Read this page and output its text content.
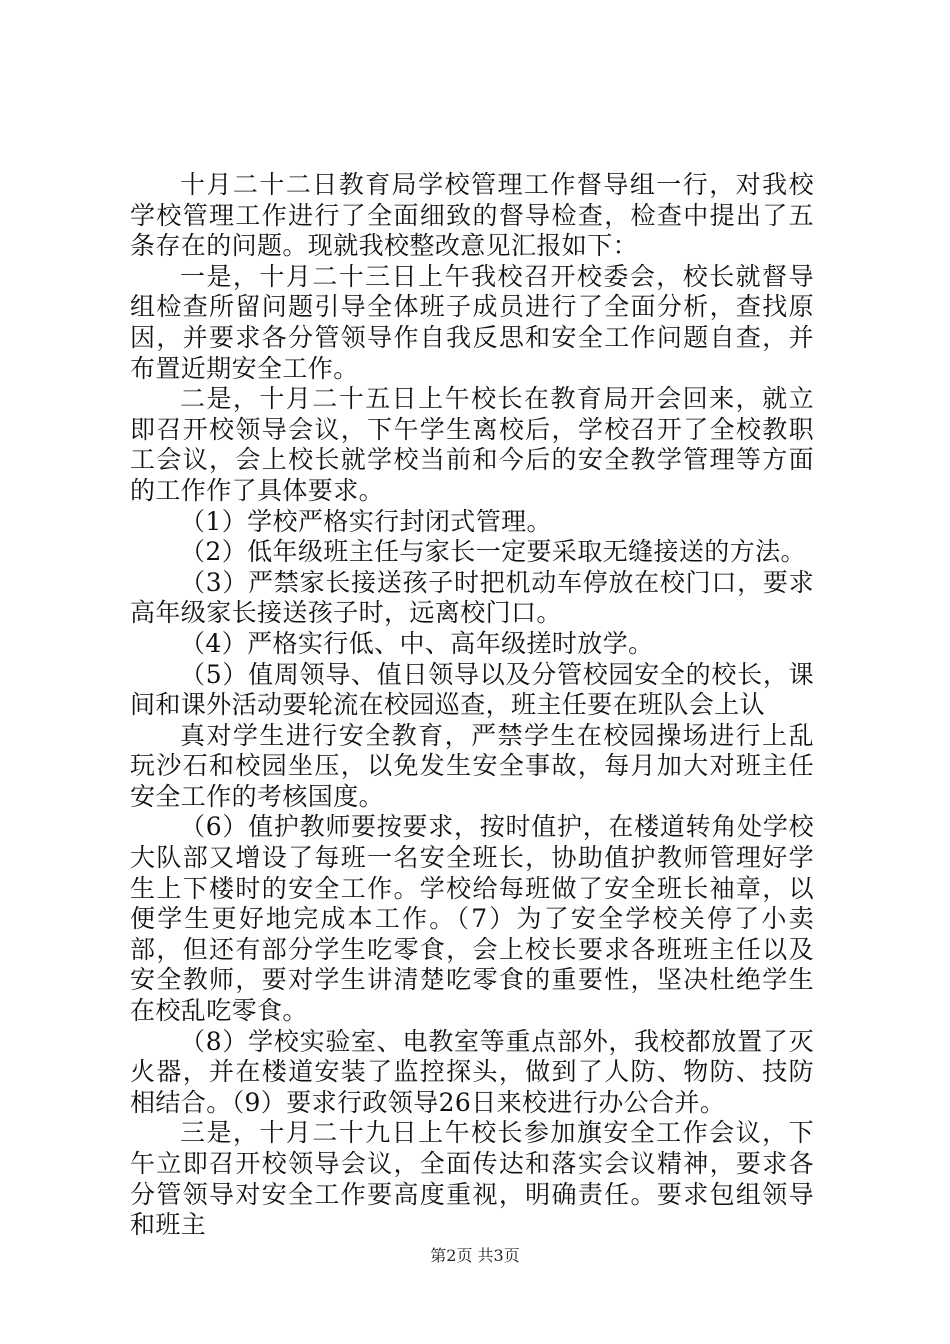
十月二十二日教育局学校管理工作督导组一行，对我校学校管理工作进行了全面细致的督导检查，检查中提出了五条存在的问题。现就我校整改意见汇报如下：

一是，十月二十三日上午我校召开校委会，校长就督导组检查所留问题引导全体班子成员进行了全面分析，查找原因，并要求各分管领导作自我反思和安全工作问题自查，并布置近期安全工作。

二是，十月二十五日上午校长在教育局开会回来，就立即召开校领导会议，下午学生离校后，学校召开了全校教职工会议，会上校长就学校当前和今后的安全教学管理等方面的工作作了具体要求。

（1）学校严格实行封闭式管理。

（2）低年级班主任与家长一定要采取无缝接送的方法。

（3）严禁家长接送孩子时把机动车停放在校门口，要求高年级家长接送孩子时，远离校门口。

（4）严格实行低、中、高年级搓时放学。

（5）值周领导、值日领导以及分管校园安全的校长，课间和课外活动要轮流在校园巡查，班主任要在班队会上认

真对学生进行安全教育，严禁学生在校园操场进行上乱玩沙石和校园坐压，以免发生安全事故，每月加大对班主任安全工作的考核国度。

（6）值护教师要按要求，按时值护，在楼道转角处学校大队部又增设了每班一名安全班长，协助值护教师管理好学生上下楼时的安全工作。学校给每班做了安全班长袖章，以便学生更好地完成本工作。（7）为了安全学校关停了小卖部，但还有部分学生吃零食，会上校长要求各班班主任以及安全教师，要对学生讲清楚吃零食的重要性，坚决杜绝学生在校乱吃零食。

（8）学校实验室、电教室等重点部外，我校都放置了灭火器，并在楼道安装了监控探头，做到了人防、物防、技防相结合。（9）要求行政领导26日来校进行办公合并。

三是，十月二十九日上午校长参加旗安全工作会议，下午立即召开校领导会议，全面传达和落实会议精神，要求各分管领导对安全工作要高度重视，明确责任。要求包组领导和班主

第2页 共3页
